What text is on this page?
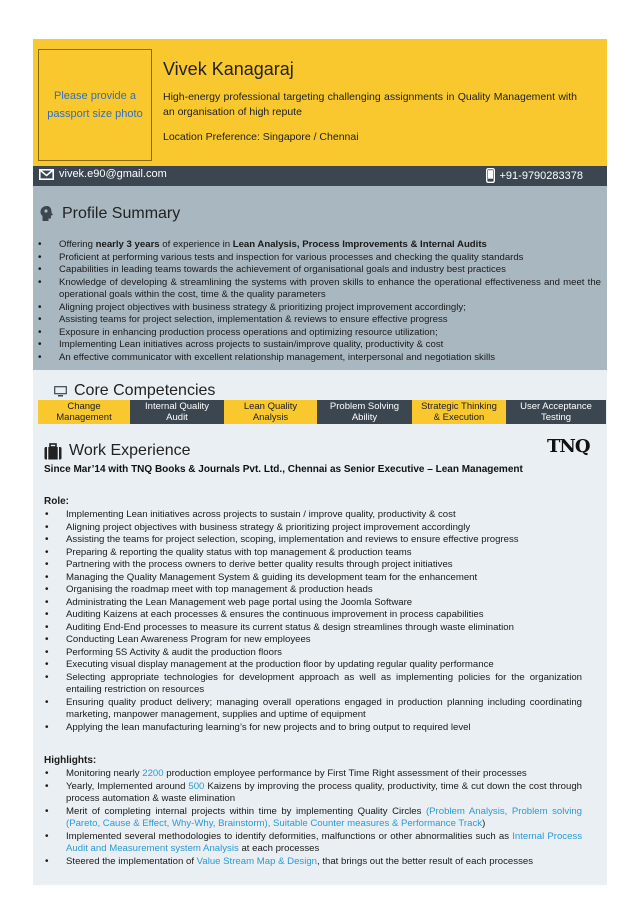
Please provide a passport size photo
Vivek Kanagaraj
High-energy professional targeting challenging assignments in Quality Management with an organisation of high repute
Location Preference: Singapore / Chennai
vivek.e90@gmail.com	+91-9790283378
Profile Summary
• Offering nearly 3 years of experience in Lean Analysis, Process Improvements & Internal Audits
• Proficient at performing various tests and inspection for various processes and checking the quality standards
• Capabilities in leading teams towards the achievement of organisational goals and industry best practices
• Knowledge of developing & streamlining the systems with proven skills to enhance the operational effectiveness and meet the operational goals within the cost, time & the quality parameters
• Aligning project objectives with business strategy & prioritizing project improvement accordingly;
• Assisting teams for project selection, implementation & reviews to ensure effective progress
• Exposure in enhancing production process operations and optimizing resource utilization;
• Implementing Lean initiatives across projects to sustain/improve quality, productivity & cost
• An effective communicator with excellent relationship management, interpersonal and negotiation skills
Core Competencies
Change
Management
Internal Quality
Audit
Lean Quality
Analysis
Problem Solving
Ability
Strategic Thinking
& Execution
User Acceptance
Testing
Work Experience	TNQ
Since Mar’14 with TNQ Books & Journals Pvt. Ltd., Chennai as Senior Executive – Lean Management
Role:
• Implementing Lean initiatives across projects to sustain / improve quality, productivity & cost
• Aligning project objectives with business strategy & prioritizing project improvement accordingly
• Assisting the teams for project selection, scoping, implementation and reviews to ensure effective progress
• Preparing & reporting the quality status with top management & production teams
• Partnering with the process owners to derive better quality results through project initiatives
• Managing the Quality Management System & guiding its development team for the enhancement
• Organising the roadmap meet with top management & production heads
• Administrating the Lean Management web page portal using the Joomla Software
• Auditing Kaizens at each processes & ensures the continuous improvement in process capabilities
• Auditing End-End processes to measure its current status & design streamlines through waste elimination
• Conducting Lean Awareness Program for new employees
• Performing 5S Activity & audit the production floors
• Executing visual display management at the production floor by updating regular quality performance
• Selecting appropriate technologies for development approach as well as implementing policies for the organization entailing restriction on resources
• Ensuring quality product delivery; managing overall operations engaged in production planning including coordinating marketing, manpower management, supplies and uptime of equipment
• Applying the lean manufacturing learning’s for new projects and to bring output to required level
Highlights:
• Monitoring nearly 2200 production employee performance by First Time Right assessment of their processes
• Yearly, Implemented around 500 Kaizens by improving the process quality, productivity, time & cut down the cost through process automation & waste elimination
• Merit of completing internal projects within time by implementing Quality Circles (Problem Analysis, Problem solving (Pareto, Cause & Effect, Why-Why, Brainstorm), Suitable Counter measures & Performance Track)
• Implemented several methodologies to identify deformities, malfunctions or other abnormalities such as Internal Process Audit and Measurement system Analysis at each processes
• Steered the implementation of Value Stream Map & Design, that brings out the better result of each processes
